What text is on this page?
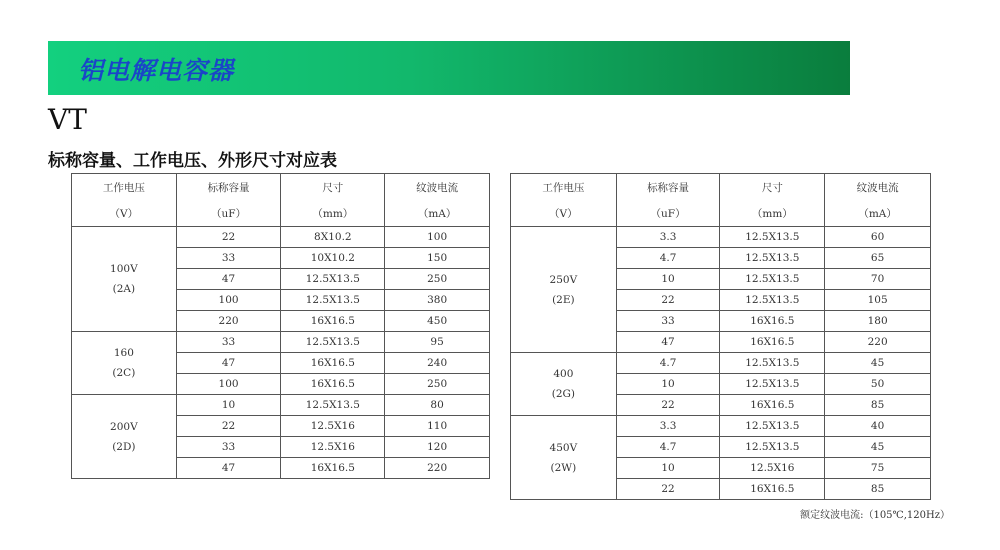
铝电解电容器
VT
标称容量、工作电压、外形尺寸对应表
工作电压	标称容量	尺寸	纹波电流
（V）	（uF）	（mm）	（mA）

100V
(2A)	22	8X10.2	100
	33	10X10.2	150
	47	12.5X13.5	250
	100	12.5X13.5	380
	220	16X16.5	450

160
(2C)	33	12.5X13.5	95
	47	16X16.5	240
	100	16X16.5	250

200V
(2D)	10	12.5X13.5	80
	22	12.5X16	110
	33	12.5X16	120
	47	16X16.5	220
工作电压	标称容量	尺寸	纹波电流
（V）	（uF）	（mm）	（mA）

250V
(2E)	3.3	12.5X13.5	60
	4.7	12.5X13.5	65
	10	12.5X13.5	70
	22	12.5X13.5	105
	33	16X16.5	180
	47	16X16.5	220

400
(2G)	4.7	12.5X13.5	45
	10	12.5X13.5	50
	22	16X16.5	85

450V
(2W)	3.3	12.5X13.5	40
	4.7	12.5X13.5	45
	10	12.5X16	75
	22	16X16.5	85
额定纹波电流:（105℃,120Hz）
